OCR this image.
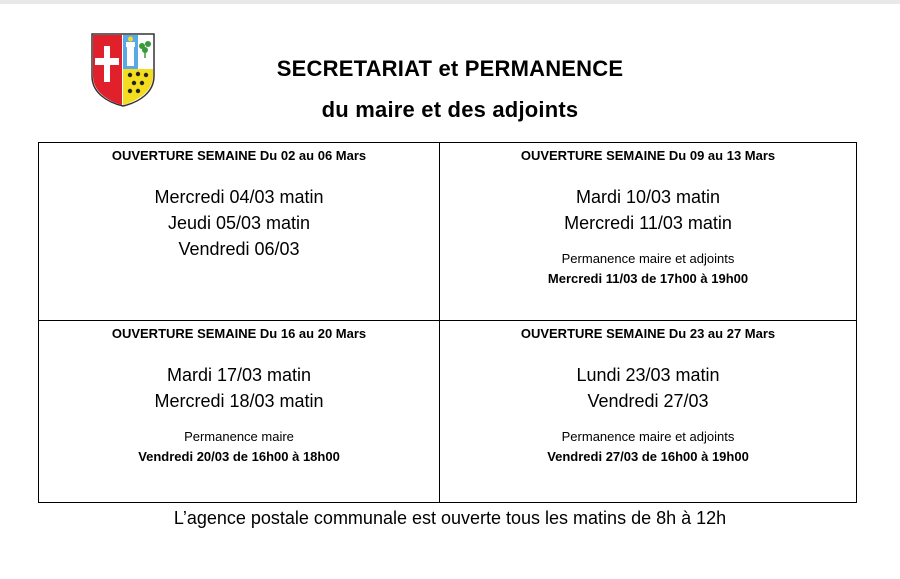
SECRETARIAT et PERMANENCE
du maire et des adjoints
OUVERTURE SEMAINE Du 02 au 06 Mars
Mercredi 04/03 matin
Jeudi 05/03 matin
Vendredi 06/03
OUVERTURE SEMAINE Du 09 au 13 Mars
Mardi 10/03 matin
Mercredi 11/03 matin
Permanence maire et adjoints
Mercredi 11/03 de 17h00 à 19h00
OUVERTURE SEMAINE Du 16 au 20 Mars
Mardi 17/03 matin
Mercredi 18/03 matin
Permanence maire
Vendredi 20/03 de 16h00 à 18h00
OUVERTURE SEMAINE Du 23 au 27 Mars
Lundi 23/03 matin
Vendredi 27/03
Permanence maire et adjoints
Vendredi 27/03 de 16h00 à 19h00
L’agence postale communale est ouverte tous les matins de 8h à 12h
